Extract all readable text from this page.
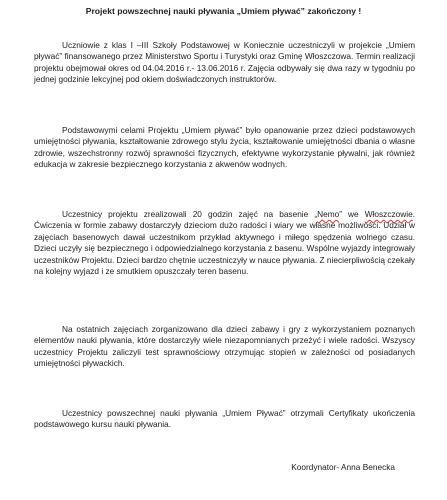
Projekt powszechnej nauki pływania „Umiem pływać” zakończony !

Uczniowie z klas I –III Szkoły Podstawowej w Koniecznie uczestniczyli w projekcie „Umiem pływać” finansowanego przez Ministerstwo Sportu i Turystyki oraz Gminę Włoszczowa. Termin realizacji projektu obejmował okres od 04.04.2016 r.- 13.06.2016 r. Zajęcia odbywały się dwa razy w tygodniu po jednej godzinie lekcyjnej pod okiem doświadczonych instruktorów.

Podstawowymi celami Projektu „Umiem pływać” było opanowanie przez dzieci podstawowych umiejętności pływania, kształtowanie zdrowego stylu życia, kształtowanie umiejętności dbania o własne zdrowie, wszechstronny rozwój sprawności fizycznych, efektywne wykorzystanie pływalni, jak również edukacja w zakresie bezpiecznego korzystania z akwenów wodnych.

Uczestnicy projektu zrealizowali 20 godzin zajęć na basenie „Nemo” we Włoszczowie. Ćwiczenia w formie zabawy dostarczyły dzieciom dużo radości i wiary we własne możliwości. Udział w zajęciach basenowych dawał uczestnikom przykład aktywnego i miłego spędzenia wolnego czasu. Dzieci uczyły się bezpiecznego i odpowiedzialnego korzystania z basenu. Wspólne wyjazdy integrowały uczestników Projektu. Dzieci bardzo chętnie uczestniczyły w nauce pływania. Z niecierpliwością czekały na kolejny wyjazd i ze smutkiem opuszczały teren basenu.

Na ostatnich zajęciach zorganizowano dla dzieci zabawy i gry z wykorzystaniem poznanych elementów nauki pływania, które dostarczyły wiele niezapomnianych przeżyć i wiele radości. Wszyscy uczestnicy Projektu zaliczyli test sprawnościowy otrzymując stopień w zależności od posiadanych umiejętności pływackich.

Uczestnicy powszechnej nauki pływania „Umiem Pływać” otrzymali Certyfikaty ukończenia podstawowego kursu nauki pływania.

Koordynator- Anna Benecka
